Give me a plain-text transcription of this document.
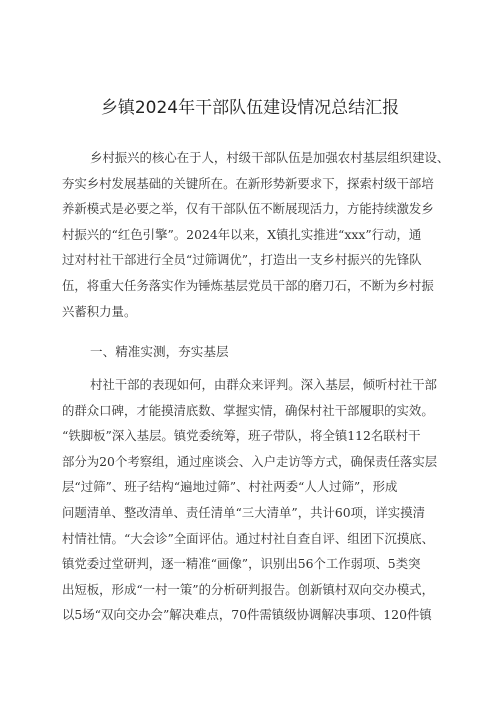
乡镇2024年干部队伍建设情况总结汇报
乡村振兴的核心在于人，村级干部队伍是加强农村基层组织建设、
夯实乡村发展基础的关键所在。在新形势新要求下，探索村级干部培
养新模式是必要之举，仅有干部队伍不断展现活力，方能持续激发乡
村振兴的“红色引擎”。2024年以来，X镇扎实推进“xxx”行动，通
过对村社干部进行全员“过筛调优”，打造出一支乡村振兴的先锋队
伍，将重大任务落实作为锤炼基层党员干部的磨刀石，不断为乡村振
兴蓄积力量。
一、精准实测，夯实基层
村社干部的表现如何，由群众来评判。深入基层，倾听村社干部
的群众口碑，才能摸清底数、掌握实情，确保村社干部履职的实效。
“铁脚板”深入基层。镇党委统筹，班子带队，将全镇112名联村干
部分为20个考察组，通过座谈会、入户走访等方式，确保责任落实层
层“过筛”、班子结构“遍地过筛”、村社两委“人人过筛”，形成
问题清单、整改清单、责任清单“三大清单”，共计60项，详实摸清
村情社情。“大会诊”全面评估。通过村社自查自评、组团下沉摸底、
镇党委过堂研判，逐一精准“画像”，识别出56个工作弱项、5类突
出短板，形成“一村一策”的分析研判报告。创新镇村双向交办模式，
以5场“双向交办会”解决难点，70件需镇级协调解决事项、120件镇
